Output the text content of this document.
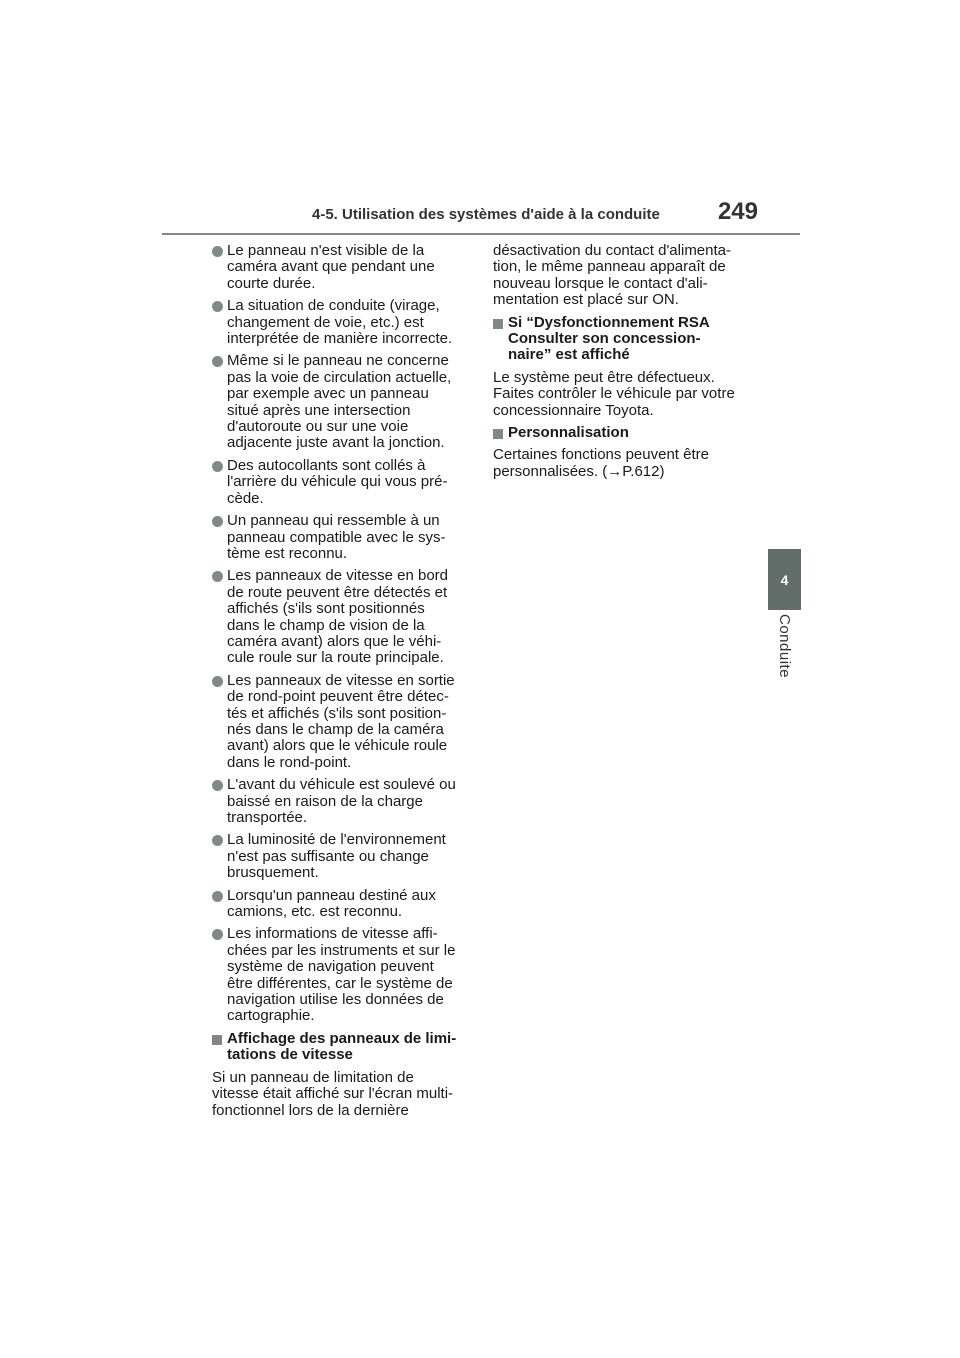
4-5. Utilisation des systèmes d'aide à la conduite 249
4
Conduite
Le panneau n'est visible de la
caméra avant que pendant une
courte durée.
La situation de conduite (virage,
changement de voie, etc.) est
interprétée de manière incorrecte.
Même si le panneau ne concerne
pas la voie de circulation actuelle,
par exemple avec un panneau
situé après une intersection
d'autoroute ou sur une voie
adjacente juste avant la jonction.
Des autocollants sont collés à
l'arrière du véhicule qui vous pré-
cède.
Un panneau qui ressemble à un
panneau compatible avec le sys-
tème est reconnu.
Les panneaux de vitesse en bord
de route peuvent être détectés et
affichés (s'ils sont positionnés
dans le champ de vision de la
caméra avant) alors que le véhi-
cule roule sur la route principale.
Les panneaux de vitesse en sortie
de rond-point peuvent être détec-
tés et affichés (s'ils sont position-
nés dans le champ de la caméra
avant) alors que le véhicule roule
dans le rond-point.
L'avant du véhicule est soulevé ou
baissé en raison de la charge
transportée.
La luminosité de l'environnement
n'est pas suffisante ou change
brusquement.
Lorsqu'un panneau destiné aux
camions, etc. est reconnu.
Les informations de vitesse affi-
chées par les instruments et sur le
système de navigation peuvent
être différentes, car le système de
navigation utilise les données de
cartographie.
Affichage des panneaux de limi-
tations de vitesse
Si un panneau de limitation de
vitesse était affiché sur l'écran multi-
fonctionnel lors de la dernière
désactivation du contact d'alimenta-
tion, le même panneau apparaît de
nouveau lorsque le contact d'ali-
mentation est placé sur ON.
Si “Dysfonctionnement RSA
Consulter son concession-
naire” est affiché
Le système peut être défectueux.
Faites contrôler le véhicule par votre
concessionnaire Toyota.
Personnalisation
Certaines fonctions peuvent être
personnalisées. (→P.612)
